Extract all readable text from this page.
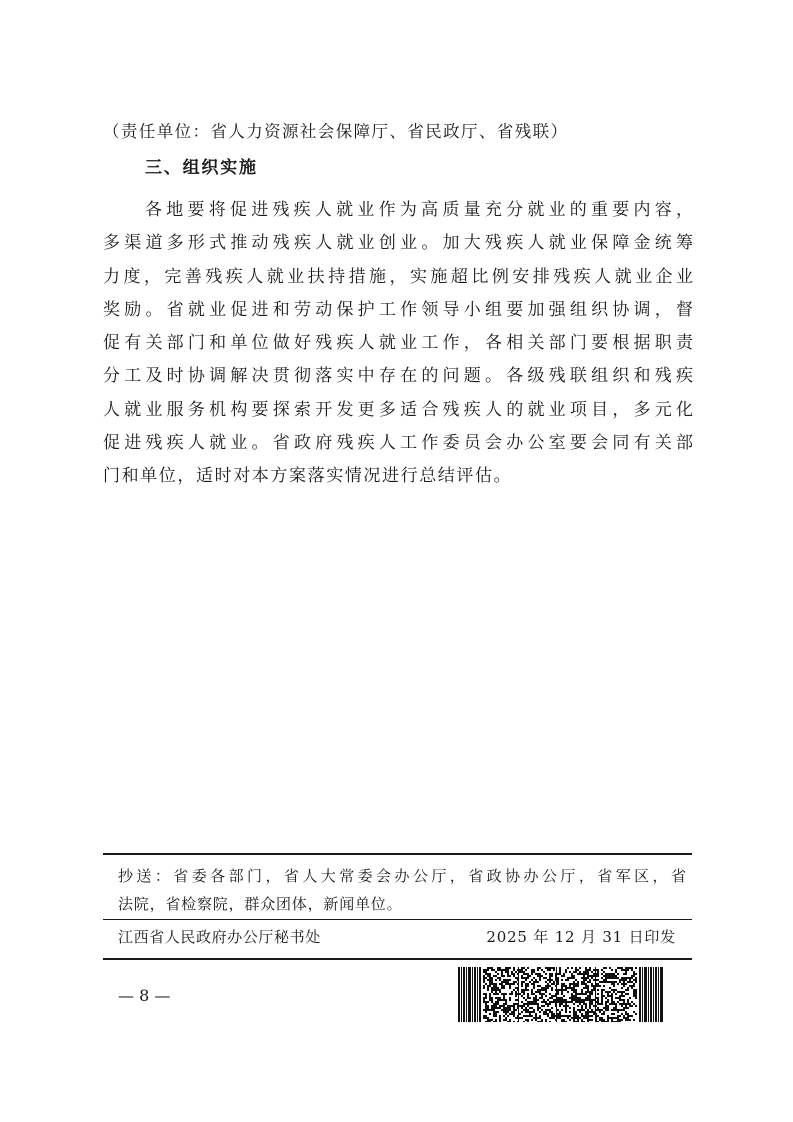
（责任单位：省人力资源社会保障厅、省民政厅、省残联）
三、组织实施
各地要将促进残疾人就业作为高质量充分就业的重要内容，
多渠道多形式推动残疾人就业创业。加大残疾人就业保障金统筹
力度，完善残疾人就业扶持措施，实施超比例安排残疾人就业企业
奖励。省就业促进和劳动保护工作领导小组要加强组织协调，督
促有关部门和单位做好残疾人就业工作，各相关部门要根据职责
分工及时协调解决贯彻落实中存在的问题。各级残联组织和残疾
人就业服务机构要探索开发更多适合残疾人的就业项目，多元化
促进残疾人就业。省政府残疾人工作委员会办公室要会同有关部
门和单位，适时对本方案落实情况进行总结评估。
抄送：省委各部门，省人大常委会办公厅，省政协办公厅，省军区，省
法院，省检察院，群众团体，新闻单位。
江西省人民政府办公厅秘书处	2025 年 12 月 31 日印发
— 8 —
